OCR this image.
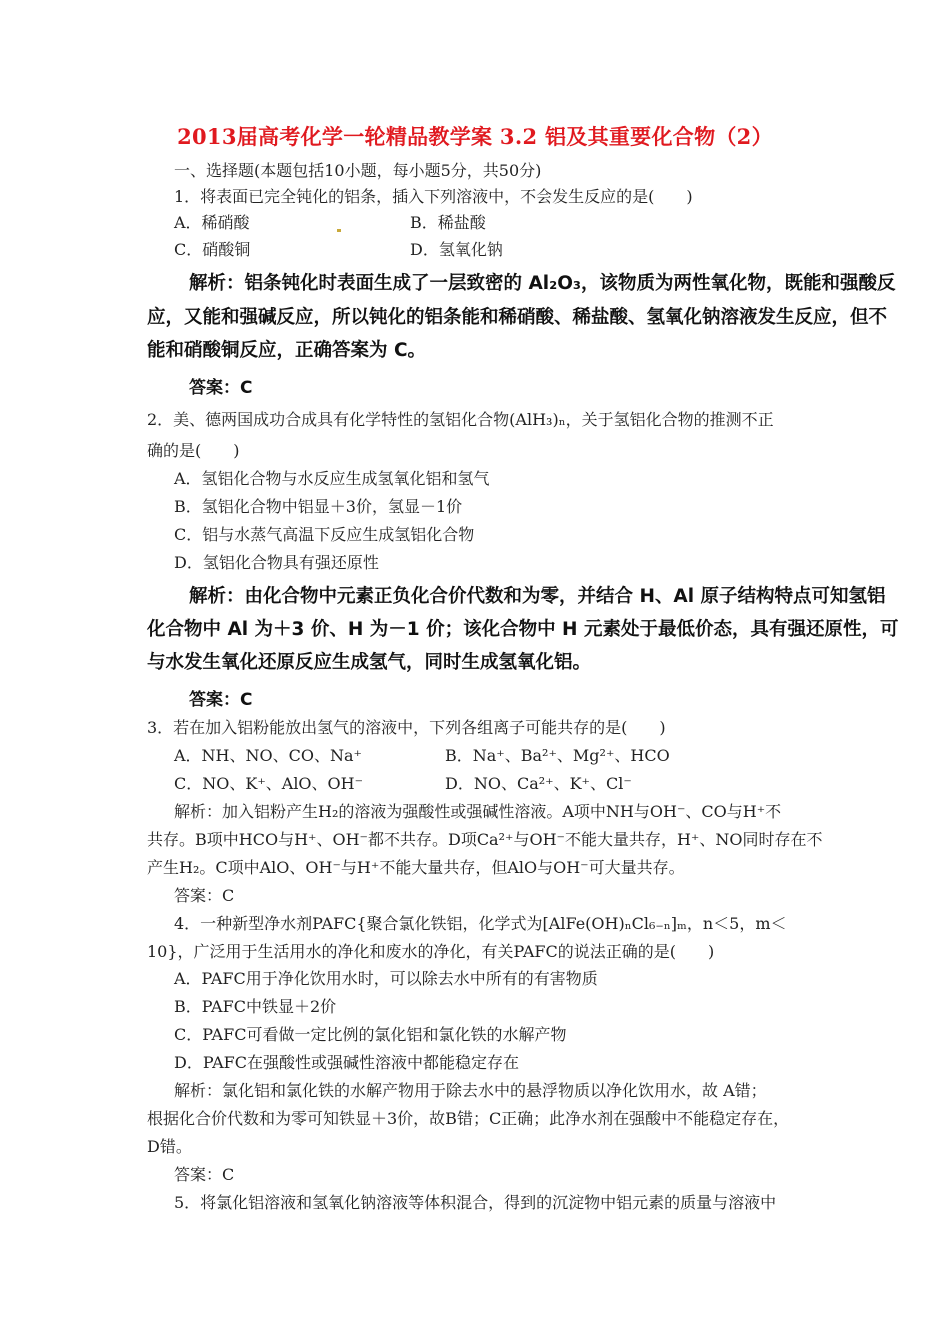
2013届高考化学一轮精品教学案 3.2 铝及其重要化合物（2）
一、选择题(本题包括10小题，每小题5分，共50分)
1．将表面已完全钝化的铝条，插入下列溶液中，不会发生反应的是(　　)
A．稀硝酸	B．稀盐酸
C．硝酸铜	D．氢氧化钠
解析：铝条钝化时表面生成了一层致密的 Al₂O₃，该物质为两性氧化物，既能和强酸反
应，又能和强碱反应，所以钝化的铝条能和稀硝酸、稀盐酸、氢氧化钠溶液发生反应，但不
能和硝酸铜反应，正确答案为 C。
答案：C
2．美、德两国成功合成具有化学特性的氢铝化合物(AlH₃)ₙ，关于氢铝化合物的推测不正
确的是(　　)
A．氢铝化合物与水反应生成氢氧化铝和氢气
B．氢铝化合物中铝显＋3价，氢显－1价
C．铝与水蒸气高温下反应生成氢铝化合物
D．氢铝化合物具有强还原性
解析：由化合物中元素正负化合价代数和为零，并结合 H、Al 原子结构特点可知氢铝
化合物中 Al 为＋3 价、H 为－1 价；该化合物中 H 元素处于最低价态，具有强还原性，可
与水发生氧化还原反应生成氢气，同时生成氢氧化铝。
答案：C
3．若在加入铝粉能放出氢气的溶液中，下列各组离子可能共存的是(　　)
A．NH、NO、CO、Na⁺	B．Na⁺、Ba²⁺、Mg²⁺、HCO
C．NO、K⁺、AlO、OH⁻	D．NO、Ca²⁺、K⁺、Cl⁻
解析：加入铝粉产生H₂的溶液为强酸性或强碱性溶液。A项中NH与OH⁻、CO与H⁺不
共存。B项中HCO与H⁺、OH⁻都不共存。D项Ca²⁺与OH⁻不能大量共存，H⁺、NO同时存在不
产生H₂。C项中AlO、OH⁻与H⁺不能大量共存，但AlO与OH⁻可大量共存。
答案：C
4．一种新型净水剂PAFC{聚合氯化铁铝，化学式为[AlFe(OH)ₙCl₆₋ₙ]ₘ，n＜5，m＜
10}，广泛用于生活用水的净化和废水的净化，有关PAFC的说法正确的是(　　)
A．PAFC用于净化饮用水时，可以除去水中所有的有害物质
B．PAFC中铁显＋2价
C．PAFC可看做一定比例的氯化铝和氯化铁的水解产物
D．PAFC在强酸性或强碱性溶液中都能稳定存在
解析：氯化铝和氯化铁的水解产物用于除去水中的悬浮物质以净化饮用水，故 A错；
根据化合价代数和为零可知铁显＋3价，故B错；C正确；此净水剂在强酸中不能稳定存在，
D错。
答案：C
5．将氯化铝溶液和氢氧化钠溶液等体积混合，得到的沉淀物中铝元素的质量与溶液中
